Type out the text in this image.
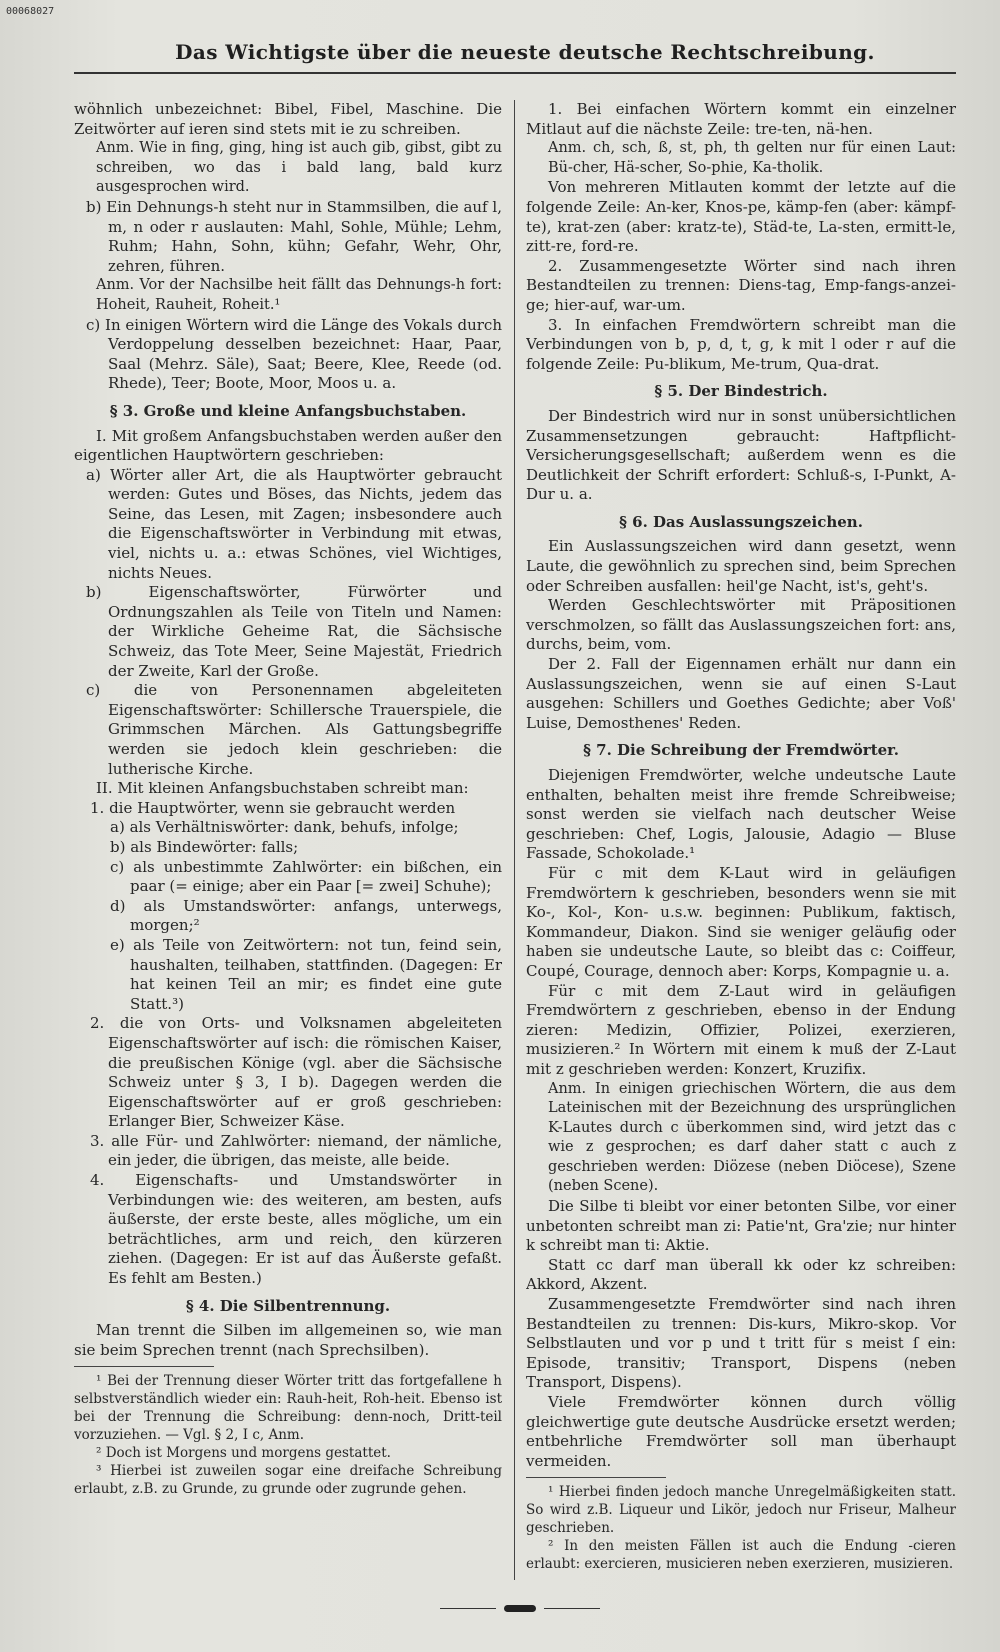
00068027
Das Wichtigste über die neueste deutsche Rechtschreibung.

wöhnlich unbezeichnet: Bibel, Fibel, Maschine. Die Zeitwörter auf ieren sind stets mit ie zu schreiben.

Anm. Wie in fing, ging, hing ist auch gib, gibst, gibt zu schreiben, wo das i bald lang, bald kurz ausgesprochen wird.

b) Ein Dehnungs-h steht nur in Stammsilben, die auf l, m, n oder r auslauten: Mahl, Sohle, Mühle; Lehm, Ruhm; Hahn, Sohn, kühn; Gefahr, Wehr, Ohr, zehren, führen.

Anm. Vor der Nachsilbe heit fällt das Dehnungs-h fort: Hoheit, Rauheit, Roheit.¹

c) In einigen Wörtern wird die Länge des Vokals durch Verdoppelung desselben bezeichnet: Haar, Paar, Saal (Mehrz. Säle), Saat; Beere, Klee, Reede (od. Rhede), Teer; Boote, Moor, Moos u. a.

§ 3. Große und kleine Anfangsbuchstaben.

I. Mit großem Anfangsbuchstaben werden außer den eigentlichen Hauptwörtern geschrieben:

a) Wörter aller Art, die als Hauptwörter gebraucht werden: Gutes und Böses, das Nichts, jedem das Seine, das Lesen, mit Zagen; insbesondere auch die Eigenschaftswörter in Verbindung mit etwas, viel, nichts u. a.: etwas Schönes, viel Wichtiges, nichts Neues.

b) Eigenschaftswörter, Fürwörter und Ordnungszahlen als Teile von Titeln und Namen: der Wirkliche Geheime Rat, die Sächsische Schweiz, das Tote Meer, Seine Majestät, Friedrich der Zweite, Karl der Große.

c) die von Personennamen abgeleiteten Eigenschaftswörter: Schillersche Trauerspiele, die Grimmschen Märchen. Als Gattungsbegriffe werden sie jedoch klein geschrieben: die lutherische Kirche.

II. Mit kleinen Anfangsbuchstaben schreibt man:

1. die Hauptwörter, wenn sie gebraucht werden

a) als Verhältniswörter: dank, behufs, infolge;

b) als Bindewörter: falls;

c) als unbestimmte Zahlwörter: ein bißchen, ein paar (= einige; aber ein Paar [= zwei] Schuhe);

d) als Umstandswörter: anfangs, unterwegs, morgen;²

e) als Teile von Zeitwörtern: not tun, feind sein, haushalten, teilhaben, stattfinden. (Dagegen: Er hat keinen Teil an mir; es findet eine gute Statt.³)

2. die von Orts- und Volksnamen abgeleiteten Eigenschaftswörter auf isch: die römischen Kaiser, die preußischen Könige (vgl. aber die Sächsische Schweiz unter § 3, I b). Dagegen werden die Eigenschaftswörter auf er groß geschrieben: Erlanger Bier, Schweizer Käse.

3. alle Für- und Zahlwörter: niemand, der nämliche, ein jeder, die übrigen, das meiste, alle beide.

4. Eigenschafts- und Umstandswörter in Verbindungen wie: des weiteren, am besten, aufs äußerste, der erste beste, alles mögliche, um ein beträchtliches, arm und reich, den kürzeren ziehen. (Dagegen: Er ist auf das Äußerste gefaßt. Es fehlt am Besten.)

§ 4. Die Silbentrennung.

Man trennt die Silben im allgemeinen so, wie man sie beim Sprechen trennt (nach Sprechsilben).

¹ Bei der Trennung dieser Wörter tritt das fortgefallene h selbstverständlich wieder ein: Rauh-heit, Roh-heit. Ebenso ist bei der Trennung die Schreibung: denn-noch, Dritt-teil vorzuziehen. — Vgl. § 2, I c, Anm.

² Doch ist Morgens und morgens gestattet.

³ Hierbei ist zuweilen sogar eine dreifache Schreibung erlaubt, z.B. zu Grunde, zu grunde oder zugrunde gehen.

1. Bei einfachen Wörtern kommt ein einzelner Mitlaut auf die nächste Zeile: tre-ten, nä-hen.

Anm. ch, sch, ß, st, ph, th gelten nur für einen Laut: Bü-cher, Hä-scher, So-phie, Ka-tholik.

Von mehreren Mitlauten kommt der letzte auf die folgende Zeile: An-ker, Knos-pe, kämp-fen (aber: kämpf-te), krat-zen (aber: kratz-te), Städ-te, La-sten, ermitt-le, zitt-re, ford-re.

2. Zusammengesetzte Wörter sind nach ihren Bestandteilen zu trennen: Diens-tag, Emp-fangs-anzei-ge; hier-auf, war-um.

3. In einfachen Fremdwörtern schreibt man die Verbindungen von b, p, d, t, g, k mit l oder r auf die folgende Zeile: Pu-blikum, Me-trum, Qua-drat.

§ 5. Der Bindestrich.

Der Bindestrich wird nur in sonst unübersichtlichen Zusammensetzungen gebraucht: Haftpflicht-Versicherungsgesellschaft; außerdem wenn es die Deutlichkeit der Schrift erfordert: Schluß-s, I-Punkt, A-Dur u. a.

§ 6. Das Auslassungszeichen.

Ein Auslassungszeichen wird dann gesetzt, wenn Laute, die gewöhnlich zu sprechen sind, beim Sprechen oder Schreiben ausfallen: heil'ge Nacht, ist's, geht's.

Werden Geschlechtswörter mit Präpositionen verschmolzen, so fällt das Auslassungszeichen fort: ans, durchs, beim, vom.

Der 2. Fall der Eigennamen erhält nur dann ein Auslassungszeichen, wenn sie auf einen S-Laut ausgehen: Schillers und Goethes Gedichte; aber Voß' Luise, Demosthenes' Reden.

§ 7. Die Schreibung der Fremdwörter.

Diejenigen Fremdwörter, welche undeutsche Laute enthalten, behalten meist ihre fremde Schreibweise; sonst werden sie vielfach nach deutscher Weise geschrieben: Chef, Logis, Jalousie, Adagio — Bluse Fassade, Schokolade.¹

Für c mit dem K-Laut wird in geläufigen Fremdwörtern k geschrieben, besonders wenn sie mit Ko-, Kol-, Kon- u.s.w. beginnen: Publikum, faktisch, Kommandeur, Diakon. Sind sie weniger geläufig oder haben sie undeutsche Laute, so bleibt das c: Coiffeur, Coupé, Courage, dennoch aber: Korps, Kompagnie u. a.

Für c mit dem Z-Laut wird in geläufigen Fremdwörtern z geschrieben, ebenso in der Endung zieren: Medizin, Offizier, Polizei, exerzieren, musizieren.² In Wörtern mit einem k muß der Z-Laut mit z geschrieben werden: Konzert, Kruzifix.

Anm. In einigen griechischen Wörtern, die aus dem Lateinischen mit der Bezeichnung des ursprünglichen K-Lautes durch c überkommen sind, wird jetzt das c wie z gesprochen; es darf daher statt c auch z geschrieben werden: Diözese (neben Diöcese), Szene (neben Scene).

Die Silbe ti bleibt vor einer betonten Silbe, vor einer unbetonten schreibt man zi: Patie'nt, Gra'zie; nur hinter k schreibt man ti: Aktie.

Statt cc darf man überall kk oder kz schreiben: Akkord, Akzent.

Zusammengesetzte Fremdwörter sind nach ihren Bestandteilen zu trennen: Dis-kurs, Mikro-skop. Vor Selbstlauten und vor p und t tritt für s meist ſ ein: Episode, transitiv; Transport, Dispens (neben Transport, Dispens).

Viele Fremdwörter können durch völlig gleichwertige gute deutsche Ausdrücke ersetzt werden; entbehrliche Fremdwörter soll man überhaupt vermeiden.

¹ Hierbei finden jedoch manche Unregelmäßigkeiten statt. So wird z.B. Liqueur und Likör, jedoch nur Friseur, Malheur geschrieben.

² In den meisten Fällen ist auch die Endung -cieren erlaubt: exercieren, musicieren neben exerzieren, musizieren.
